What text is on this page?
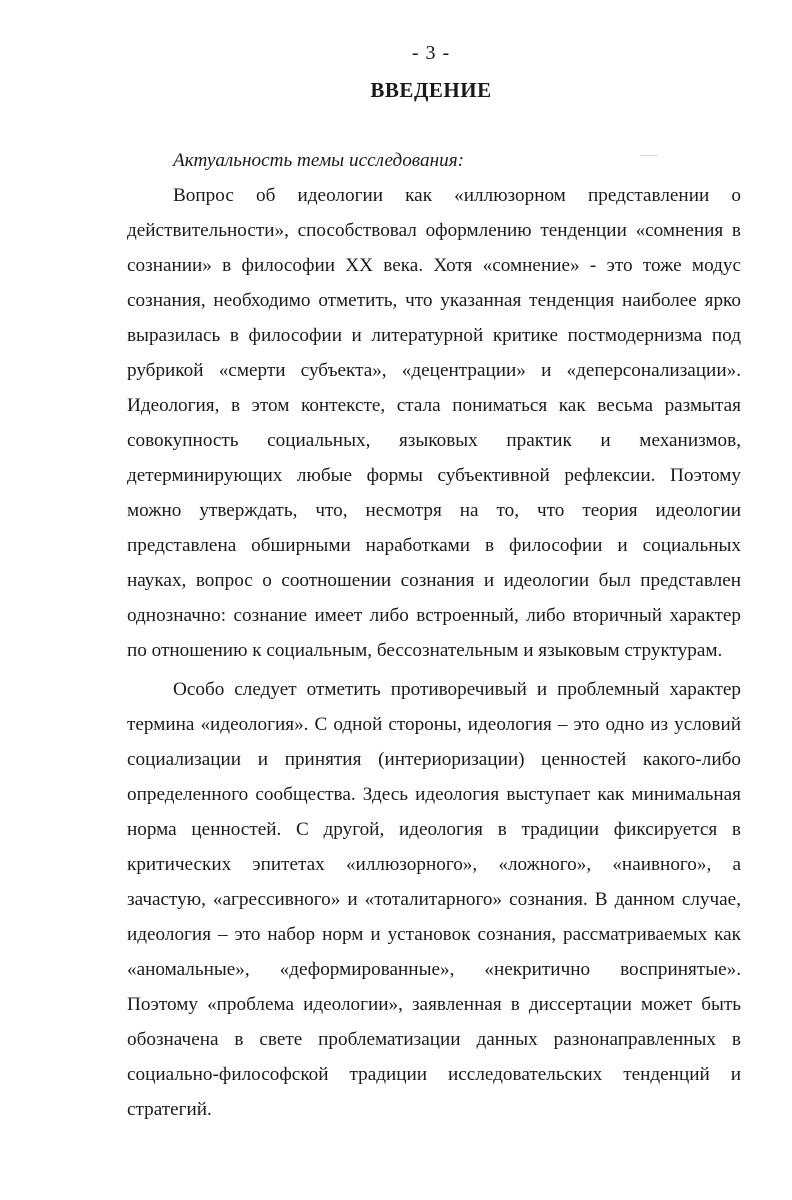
- 3 -
ВВЕДЕНИЕ

Актуальность темы исследования:

Вопрос об идеологии как «иллюзорном представлении о действительности», способствовал оформлению тенденции «сомнения в сознании» в философии XX века. Хотя «сомнение» - это тоже модус сознания, необходимо отметить, что указанная тенденция наиболее ярко выразилась в философии и литературной критике постмодернизма под рубрикой «смерти субъекта», «децентрации» и «деперсонализации». Идеология, в этом контексте, стала пониматься как весьма размытая совокупность социальных, языковых практик и механизмов, детерминирующих любые формы субъективной рефлексии. Поэтому можно утверждать, что, несмотря на то, что теория идеологии представлена обширными наработками в философии и социальных науках, вопрос о соотношении сознания и идеологии был представлен однозначно: сознание имеет либо встроенный, либо вторичный характер по отношению к социальным, бессознательным и языковым структурам.

Особо следует отметить противоречивый и проблемный характер термина «идеология». С одной стороны, идеология – это одно из условий социализации и принятия (интериоризации) ценностей какого-либо определенного сообщества. Здесь идеология выступает как минимальная норма ценностей. С другой, идеология в традиции фиксируется в критических эпитетах «иллюзорного», «ложного», «наивного», а зачастую, «агрессивного» и «тоталитарного» сознания. В данном случае, идеология – это набор норм и установок сознания, рассматриваемых как «аномальные», «деформированные», «некритично воспринятые». Поэтому «проблема идеологии», заявленная в диссертации может быть обозначена в свете проблематизации данных разнонаправленных в социально-философской традиции исследовательских тенденций и стратегий.
